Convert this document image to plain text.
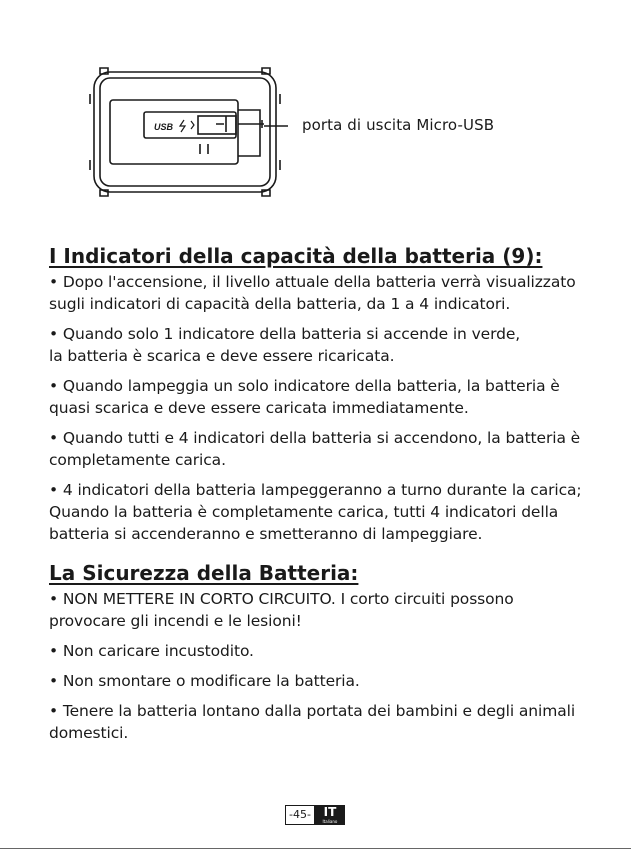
USB	porta di uscita Micro-USB
I Indicatori della capacità della batteria (9):

• Dopo l'accensione, il livello attuale della batteria verrà visualizzato
sugli indicatori di capacità della batteria, da 1 a 4 indicatori.

• Quando solo 1 indicatore della batteria si accende in verde,
la batteria è scarica e deve essere ricaricata.

• Quando lampeggia un solo indicatore della batteria, la batteria è
quasi scarica e deve essere caricata immediatamente.

• Quando tutti e 4 indicatori della batteria si accendono, la batteria è
completamente carica.

• 4 indicatori della batteria lampeggeranno a turno durante la carica;
Quando la batteria è completamente carica, tutti 4 indicatori della
batteria si accenderanno e smetteranno di lampeggiare.

La Sicurezza della Batteria:

• NON METTERE IN CORTO CIRCUITO. I corto circuiti possono
provocare gli incendi e le lesioni!

• Non caricare incustodito.

• Non smontare o modificare la batteria.

• Tenere la batteria lontano dalla portata dei bambini e degli animali
domestici.

-45-	IT
Italiano
